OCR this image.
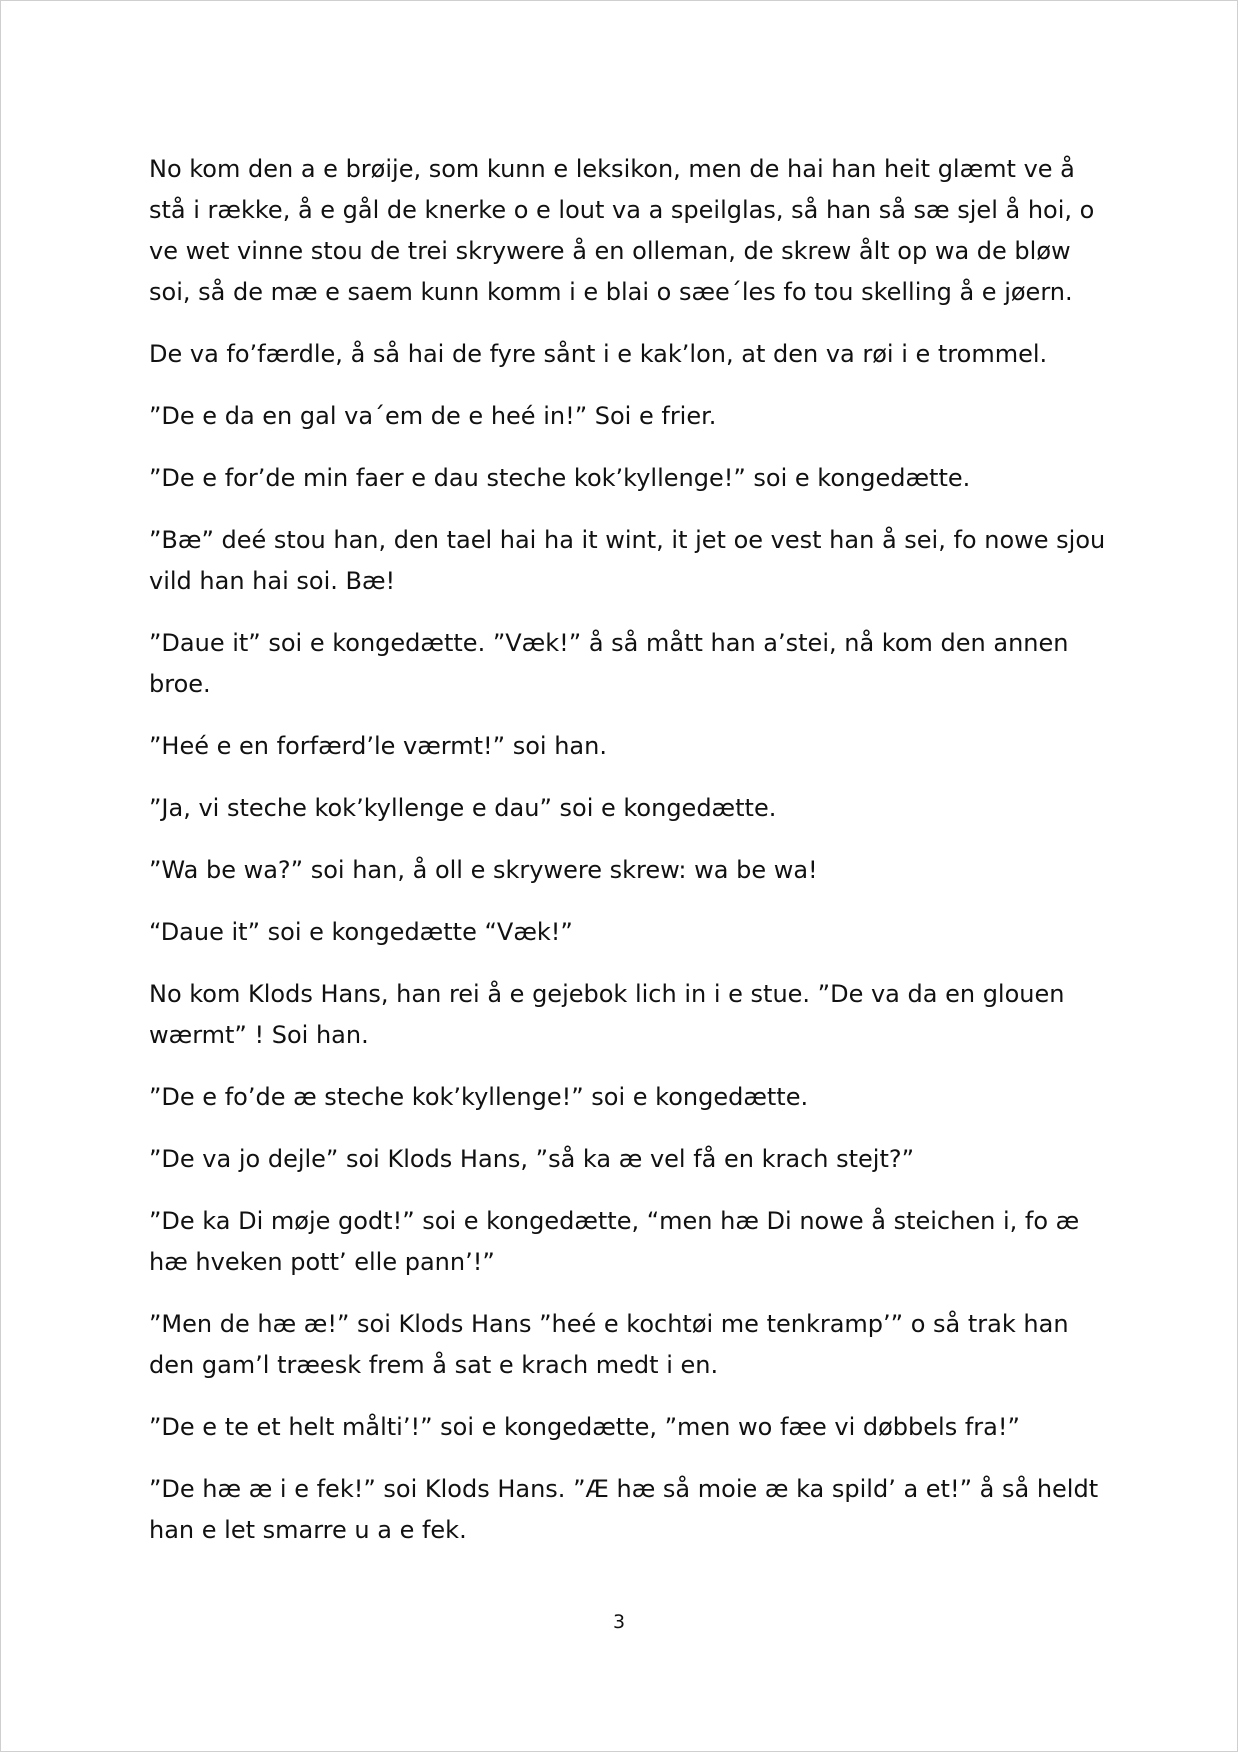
No kom den a e brøije, som kunn e leksikon, men de hai han heit glæmt ve å stå i række, å e gål de knerke o e lout va a speilglas, så han så sæ sjel å hoi, o ve wet vinne stou de trei skrywere å en olleman, de skrew ålt op wa de bløw soi, så de mæ e saem kunn komm i e blai o sæe´les fo tou skelling å e jøern.

De va fo’færdle, å så hai de fyre sånt i e kak’lon, at den va røi i e trommel.

”De e da en gal va´em de e heé in!” Soi e frier.

”De e for’de min faer e dau steche kok’kyllenge!” soi e kongedætte.

”Bæ” deé stou han, den tael hai ha it wint, it jet oe vest han å sei, fo nowe sjou vild han hai soi. Bæ!

”Daue it” soi e kongedætte. ”Væk!” å så mått han a’stei, nå kom den annen broe.

”Heé e en forfærd’le værmt!” soi han.

”Ja, vi steche kok’kyllenge e dau” soi e kongedætte.

”Wa be wa?” soi han, å oll e skrywere skrew: wa be wa!

“Daue it” soi e kongedætte “Væk!”

No kom Klods Hans, han rei å e gejebok lich in i e stue. ”De va da en glouen wærmt” ! Soi han.

”De e fo’de æ steche kok’kyllenge!” soi e kongedætte.

”De va jo dejle” soi Klods Hans, ”så ka æ vel få en krach stejt?”

”De ka Di møje godt!” soi e kongedætte, “men hæ Di nowe å steichen i, fo æ hæ hveken pott’ elle pann’!”

”Men de hæ æ!” soi Klods Hans ”heé e kochtøi me tenkramp’” o så trak han den gam’l træesk frem å sat e krach medt i en.

”De e te et helt målti’!” soi e kongedætte, ”men wo fæe vi døbbels fra!”

”De hæ æ i e fek!” soi Klods Hans. ”Æ hæ så moie æ ka spild’ a et!” å så heldt han e let smarre u a e fek.

3
